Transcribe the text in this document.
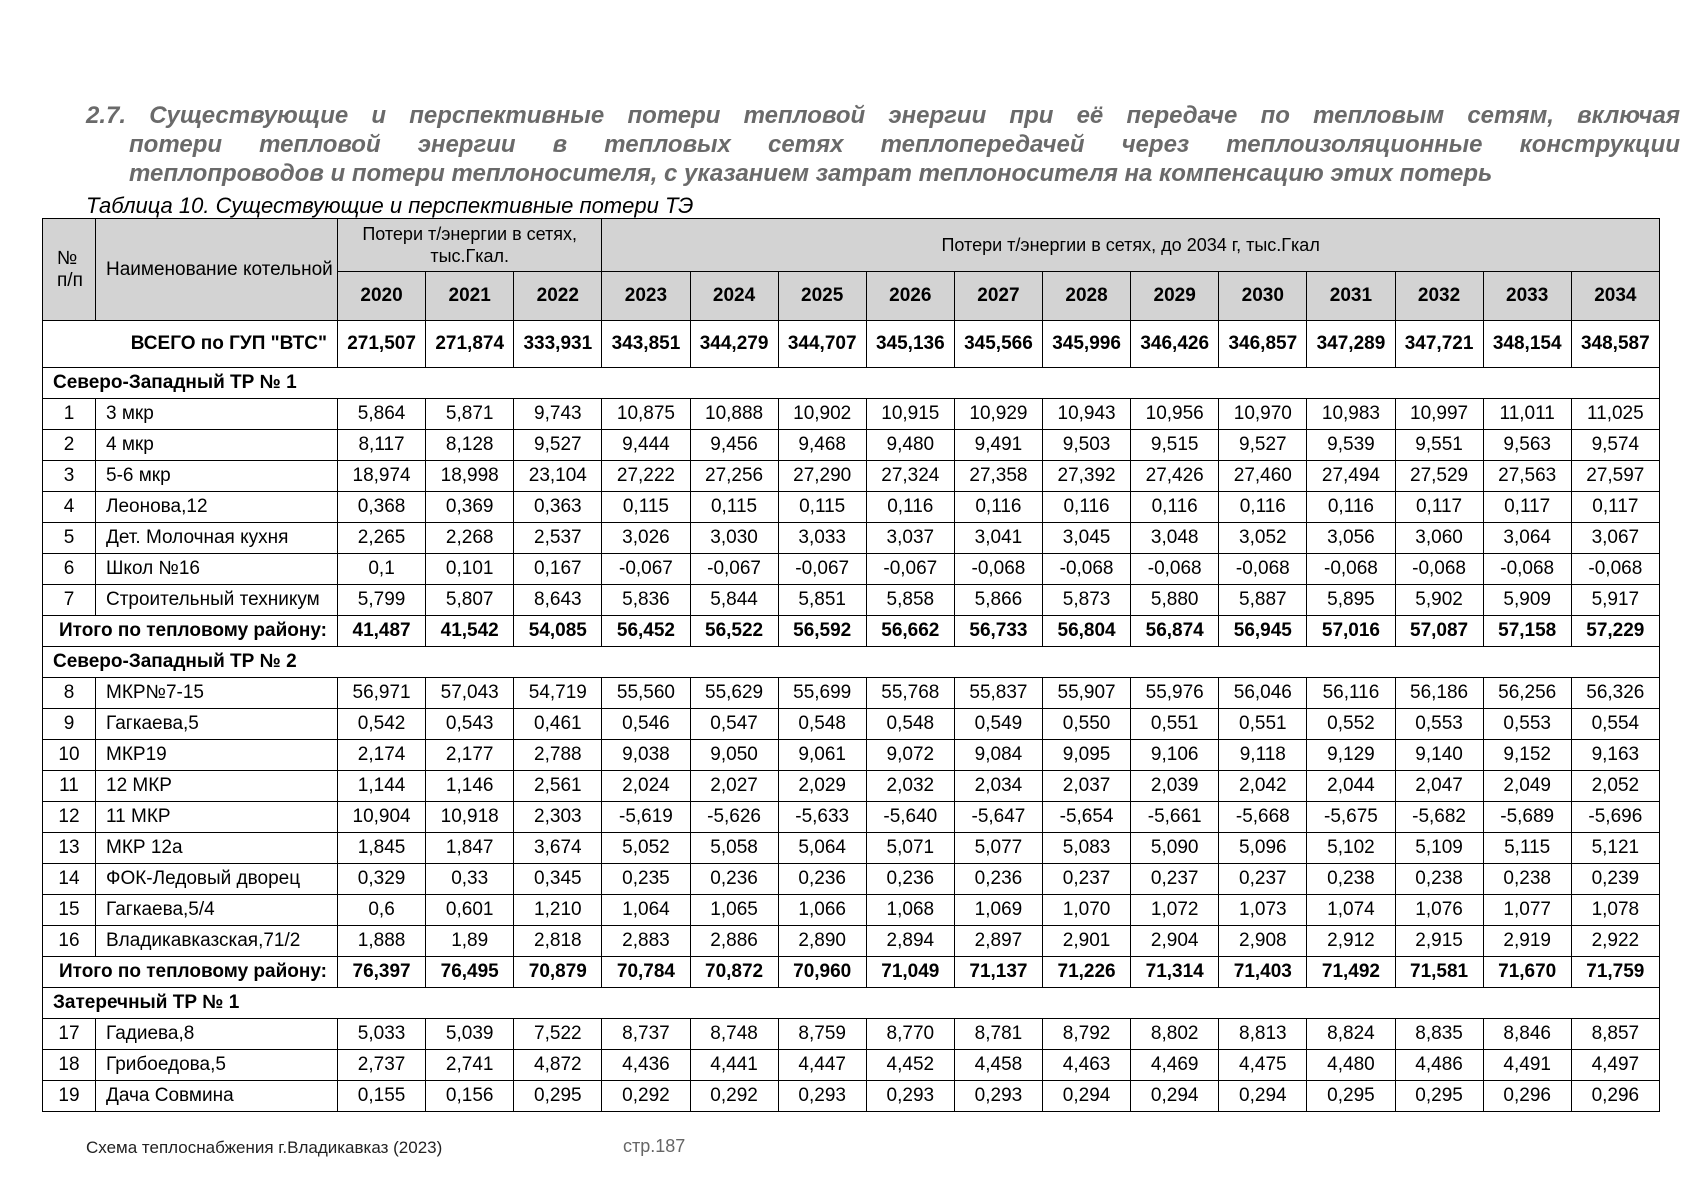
2.7. Существующие и перспективные потери тепловой энергии при её передаче по тепловым сетям, включая
потери тепловой энергии в тепловых сетях теплопередачей через теплоизоляционные конструкции
теплопроводов и потери теплоносителя, с указанием затрат теплоносителя на компенсацию этих потерь
Таблица 10. Существующие и перспективные потери ТЭ
№ п/п	Наименование котельной	Потери т/энергии в сетях, тыс.Гкал.			Потери т/энергии в сетях, до 2034 г, тыс.Гкал											
		2020	2021	2022	2023	2024	2025	2026	2027	2028	2029	2030	2031	2032	2033	2034
ВСЕГО по ГУП "ВТС"		271,507	271,874	333,931	343,851	344,279	344,707	345,136	345,566	345,996	346,426	346,857	347,289	347,721	348,154	348,587
Северо-Западный ТР № 1																
1	3 мкр	5,864	5,871	9,743	10,875	10,888	10,902	10,915	10,929	10,943	10,956	10,970	10,983	10,997	11,011	11,025
2	4 мкр	8,117	8,128	9,527	9,444	9,456	9,468	9,480	9,491	9,503	9,515	9,527	9,539	9,551	9,563	9,574
3	5-6 мкр	18,974	18,998	23,104	27,222	27,256	27,290	27,324	27,358	27,392	27,426	27,460	27,494	27,529	27,563	27,597
4	Леонова,12	0,368	0,369	0,363	0,115	0,115	0,115	0,116	0,116	0,116	0,116	0,116	0,116	0,117	0,117	0,117
5	Дет. Молочная кухня	2,265	2,268	2,537	3,026	3,030	3,033	3,037	3,041	3,045	3,048	3,052	3,056	3,060	3,064	3,067
6	Школ №16	0,1	0,101	0,167	-0,067	-0,067	-0,067	-0,067	-0,068	-0,068	-0,068	-0,068	-0,068	-0,068	-0,068	-0,068
7	Строительный техникум	5,799	5,807	8,643	5,836	5,844	5,851	5,858	5,866	5,873	5,880	5,887	5,895	5,902	5,909	5,917
Итого по тепловому району:		41,487	41,542	54,085	56,452	56,522	56,592	56,662	56,733	56,804	56,874	56,945	57,016	57,087	57,158	57,229
Северо-Западный ТР № 2																
8	МКР№7-15	56,971	57,043	54,719	55,560	55,629	55,699	55,768	55,837	55,907	55,976	56,046	56,116	56,186	56,256	56,326
9	Гагкаева,5	0,542	0,543	0,461	0,546	0,547	0,548	0,548	0,549	0,550	0,551	0,551	0,552	0,553	0,553	0,554
10	МКР19	2,174	2,177	2,788	9,038	9,050	9,061	9,072	9,084	9,095	9,106	9,118	9,129	9,140	9,152	9,163
11	12 МКР	1,144	1,146	2,561	2,024	2,027	2,029	2,032	2,034	2,037	2,039	2,042	2,044	2,047	2,049	2,052
12	11 МКР	10,904	10,918	2,303	-5,619	-5,626	-5,633	-5,640	-5,647	-5,654	-5,661	-5,668	-5,675	-5,682	-5,689	-5,696
13	МКР 12а	1,845	1,847	3,674	5,052	5,058	5,064	5,071	5,077	5,083	5,090	5,096	5,102	5,109	5,115	5,121
14	ФОК-Ледовый дворец	0,329	0,33	0,345	0,235	0,236	0,236	0,236	0,236	0,237	0,237	0,237	0,238	0,238	0,238	0,239
15	Гагкаева,5/4	0,6	0,601	1,210	1,064	1,065	1,066	1,068	1,069	1,070	1,072	1,073	1,074	1,076	1,077	1,078
16	Владикавказская,71/2	1,888	1,89	2,818	2,883	2,886	2,890	2,894	2,897	2,901	2,904	2,908	2,912	2,915	2,919	2,922
Итого по тепловому району:		76,397	76,495	70,879	70,784	70,872	70,960	71,049	71,137	71,226	71,314	71,403	71,492	71,581	71,670	71,759
Затеречный ТР № 1																
17	Гадиева,8	5,033	5,039	7,522	8,737	8,748	8,759	8,770	8,781	8,792	8,802	8,813	8,824	8,835	8,846	8,857
18	Грибоедова,5	2,737	2,741	4,872	4,436	4,441	4,447	4,452	4,458	4,463	4,469	4,475	4,480	4,486	4,491	4,497
19	Дача Совмина	0,155	0,156	0,295	0,292	0,292	0,293	0,293	0,293	0,294	0,294	0,294	0,295	0,295	0,296	0,296
Схема теплоснабжения г.Владикавказ (2023)	стр.187
